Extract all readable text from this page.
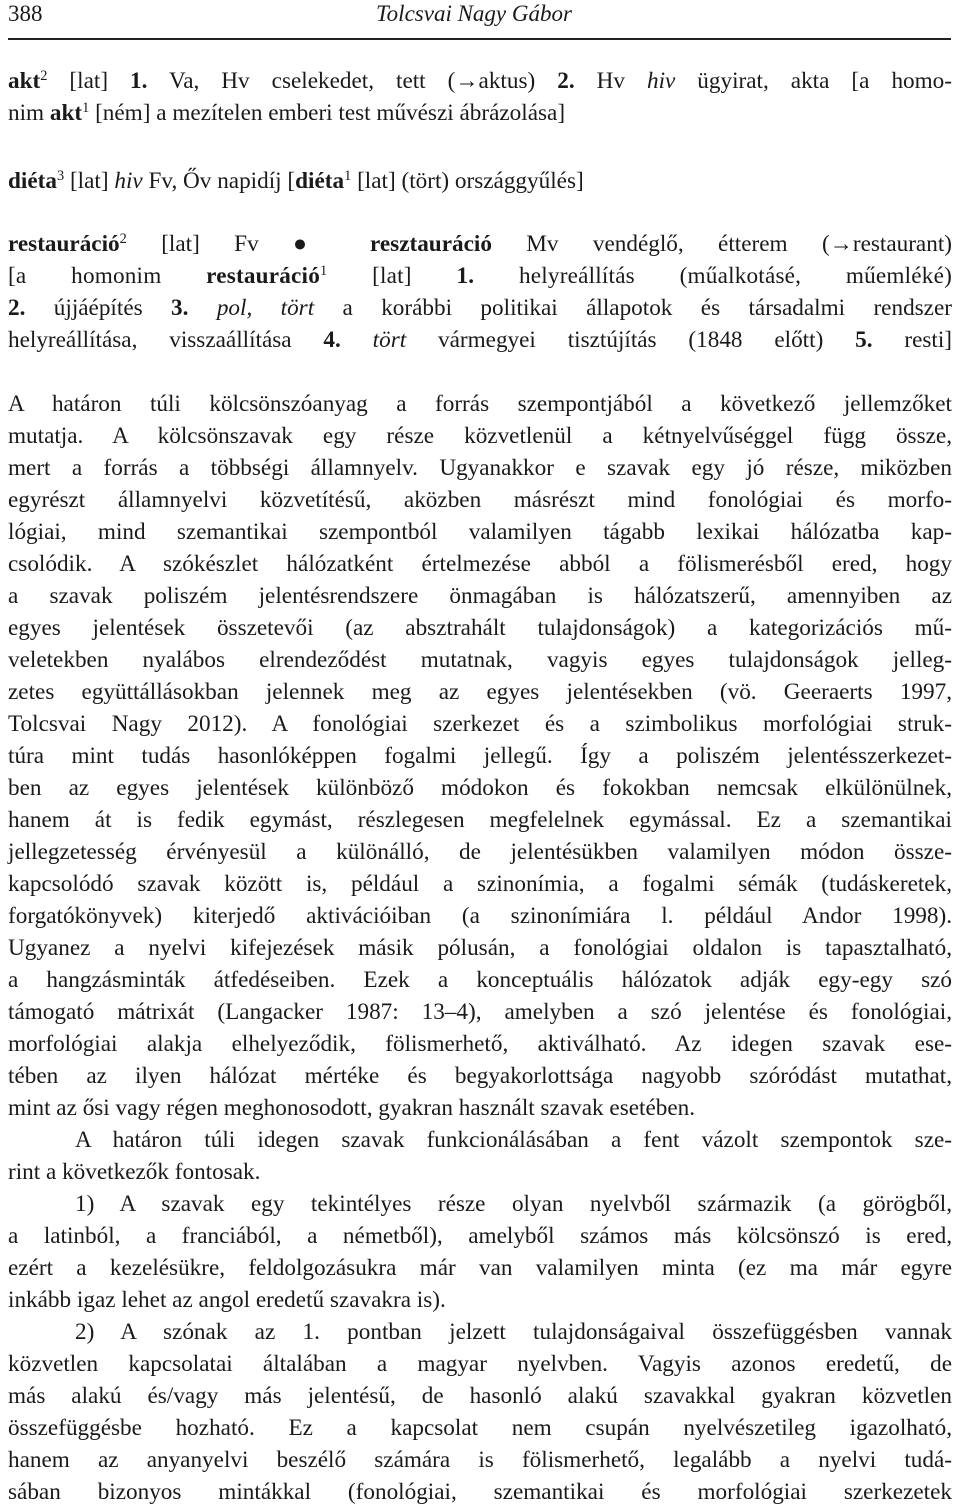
388	Tolcsvai Nagy Gábor
akt$^2$ [lat] 1. Va, Hv cselekedet, tett (→aktus) 2. Hv hiv ügyirat, akta [a homo-
nim akt$^1$ [ném] a mezítelen emberi test művészi ábrázolása]
diéta$^3$ [lat] hiv Fv, Őv napidíj [diéta$^1$ [lat] (tört) országgyűlés]
restauráció$^2$ [lat] Fv ● resztauráció Mv vendéglő, étterem (→restaurant)
[a homonim restauráció$^1$ [lat] 1. helyreállítás (műalkotásé, műemléké)
2. újjáépítés 3. pol, tört a korábbi politikai állapotok és társadalmi rendszer
helyreállítása, visszaállítása 4. tört vármegyei tisztújítás (1848 előtt) 5. resti]
A határon túli kölcsönszóanyag a forrás szempontjából a következő jellemzőket
mutatja. A kölcsönszavak egy része közvetlenül a kétnyelvűséggel függ össze,
mert a forrás a többségi államnyelv. Ugyanakkor e szavak egy jó része, miközben
egyrészt államnyelvi közvetítésű, aközben másrészt mind fonológiai és morfo-
lógiai, mind szemantikai szempontból valamilyen tágabb lexikai hálózatba kap-
csolódik. A szókészlet hálózatként értelmezése abból a fölismerésből ered, hogy
a szavak poliszém jelentésrendszere önmagában is hálózatszerű, amennyiben az
egyes jelentések összetevői (az absztrahált tulajdonságok) a kategorizációs mű-
veletekben nyalábos elrendeződést mutatnak, vagyis egyes tulajdonságok jelleg-
zetes együttállásokban jelennek meg az egyes jelentésekben (vö. Geeraerts 1997,
Tolcsvai Nagy 2012). A fonológiai szerkezet és a szimbolikus morfológiai struk-
túra mint tudás hasonlóképpen fogalmi jellegű. Így a poliszém jelentésszerkezet-
ben az egyes jelentések különböző módokon és fokokban nemcsak elkülönülnek,
hanem át is fedik egymást, részlegesen megfelelnek egymással. Ez a szemantikai
jellegzetesség érvényesül a különálló, de jelentésükben valamilyen módon össze-
kapcsolódó szavak között is, például a szinonímia, a fogalmi sémák (tudáskeretek,
forgatókönyvek) kiterjedő aktivációiban (a szinonímiára l. például Andor 1998).
Ugyanez a nyelvi kifejezések másik pólusán, a fonológiai oldalon is tapasztalható,
a hangzásminták átfedéseiben. Ezek a konceptuális hálózatok adják egy-egy szó
támogató mátrixát (Langacker 1987: 13–4), amelyben a szó jelentése és fonológiai,
morfológiai alakja elhelyeződik, fölismerhető, aktiválható. Az idegen szavak ese-
tében az ilyen hálózat mértéke és begyakorlottsága nagyobb szóródást mutathat,
mint az ősi vagy régen meghonosodott, gyakran használt szavak esetében.
A határon túli idegen szavak funkcionálásában a fent vázolt szempontok sze-
rint a következők fontosak.
1) A szavak egy tekintélyes része olyan nyelvből származik (a görögből,
a latinból, a franciából, a németből), amelyből számos más kölcsönszó is ered,
ezért a kezelésükre, feldolgozásukra már van valamilyen minta (ez ma már egyre
inkább igaz lehet az angol eredetű szavakra is).
2) A szónak az 1. pontban jelzett tulajdonságaival összefüggésben vannak
közvetlen kapcsolatai általában a magyar nyelvben. Vagyis azonos eredetű, de
más alakú és/vagy más jelentésű, de hasonló alakú szavakkal gyakran közvetlen
összefüggésbe hozható. Ez a kapcsolat nem csupán nyelvészetileg igazolható,
hanem az anyanyelvi beszélő számára is fölismerhető, legalább a nyelvi tudá-
sában bizonyos mintákkal (fonológiai, szemantikai és morfológiai szerkezetek
